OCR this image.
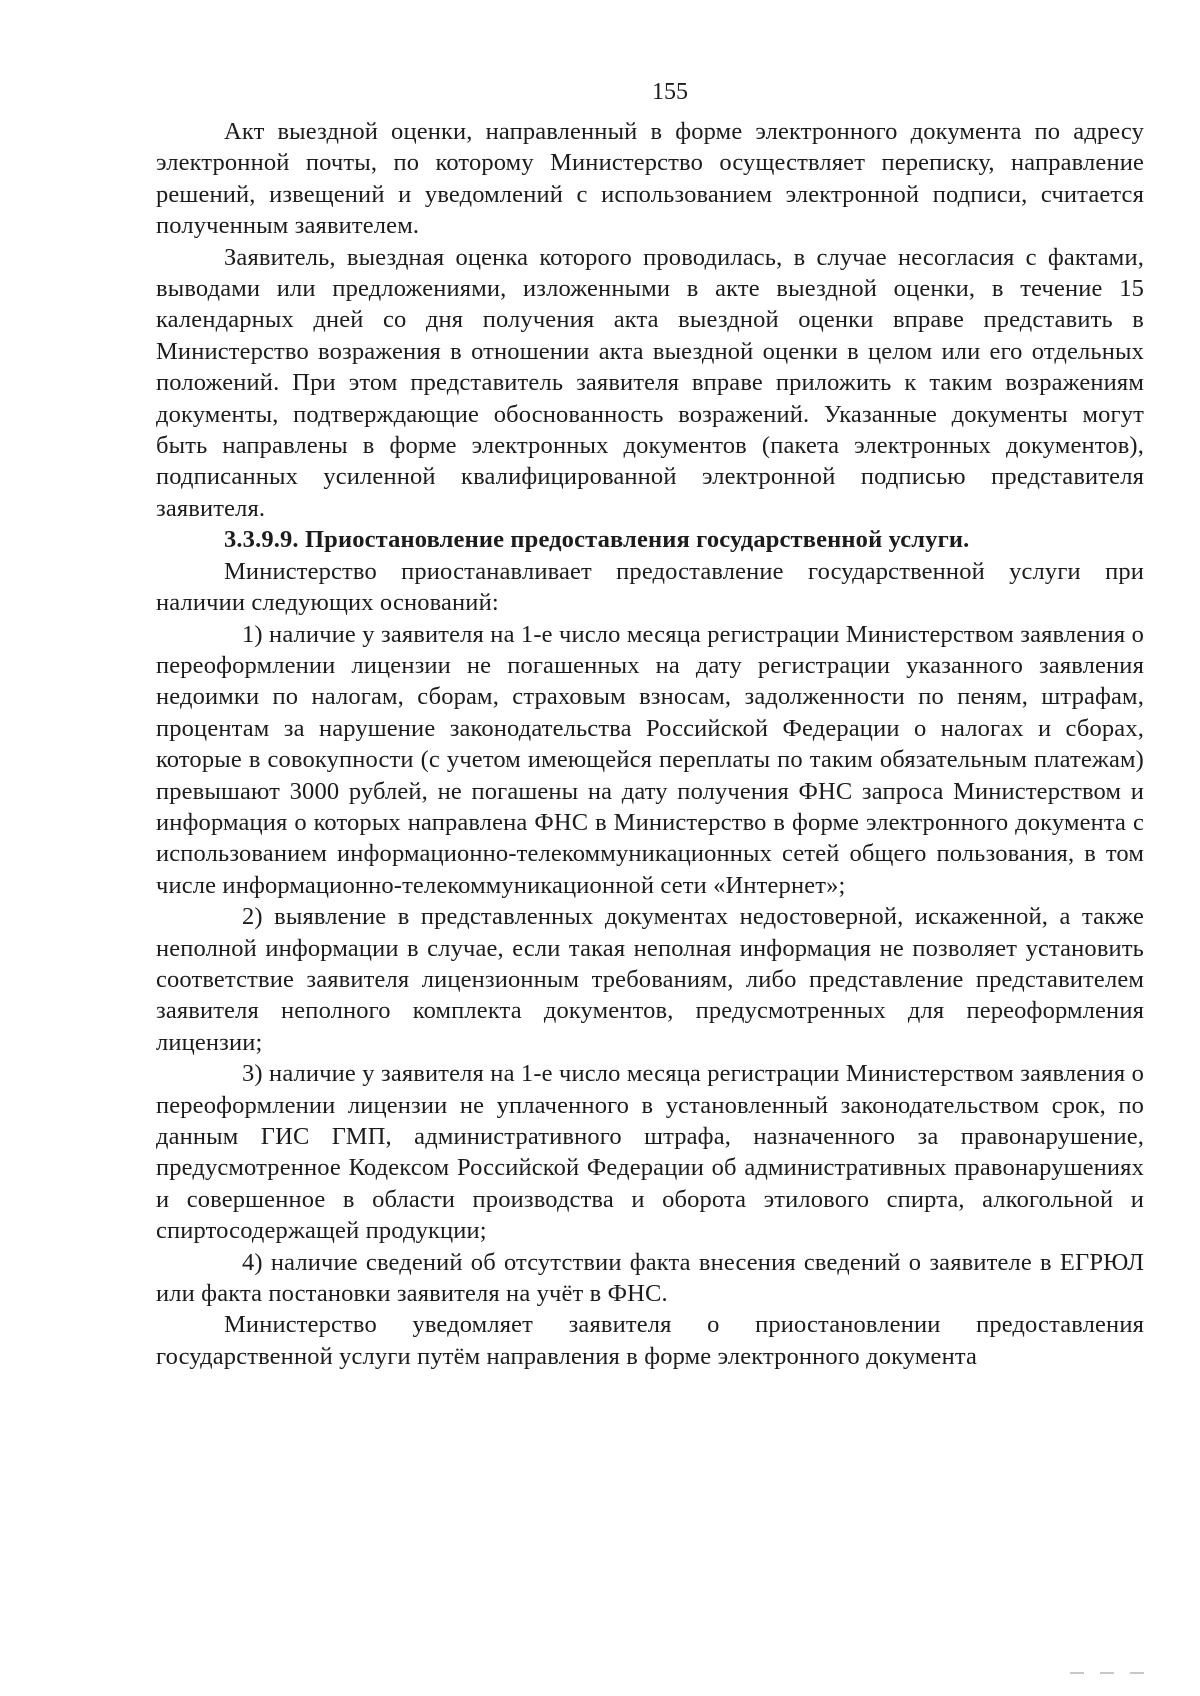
155

Акт выездной оценки, направленный в форме электронного документа по адресу электронной почты, по которому Министерство осуществляет переписку, направление решений, извещений и уведомлений с использованием электронной подписи, считается полученным заявителем.

Заявитель, выездная оценка которого проводилась, в случае несогласия с фактами, выводами или предложениями, изложенными в акте выездной оценки, в течение 15 календарных дней со дня получения акта выездной оценки вправе представить в Министерство возражения в отношении акта выездной оценки в целом или его отдельных положений. При этом представитель заявителя вправе приложить к таким возражениям документы, подтверждающие обоснованность возражений. Указанные документы могут быть направлены в форме электронных документов (пакета электронных документов), подписанных усиленной квалифицированной электронной подписью представителя заявителя.

3.3.9.9. Приостановление предоставления государственной услуги.

Министерство приостанавливает предоставление государственной услуги при наличии следующих оснований:

1) наличие у заявителя на 1-е число месяца регистрации Министерством заявления о переоформлении лицензии не погашенных на дату регистрации указанного заявления недоимки по налогам, сборам, страховым взносам, задолженности по пеням, штрафам, процентам за нарушение законодательства Российской Федерации о налогах и сборах, которые в совокупности (с учетом имеющейся переплаты по таким обязательным платежам) превышают 3000 рублей, не погашены на дату получения ФНС запроса Министерством и информация о которых направлена ФНС в Министерство в форме электронного документа с использованием информационно-телекоммуникационных сетей общего пользования, в том числе информационно-телекоммуникационной сети «Интернет»;

2) выявление в представленных документах недостоверной, искаженной, а также неполной информации в случае, если такая неполная информация не позволяет установить соответствие заявителя лицензионным требованиям, либо представление представителем заявителя неполного комплекта документов, предусмотренных для переоформления лицензии;

3) наличие у заявителя на 1-е число месяца регистрации Министерством заявления о переоформлении лицензии не уплаченного в установленный законодательством срок, по данным ГИС ГМП, административного штрафа, назначенного за правонарушение, предусмотренное Кодексом Российской Федерации об административных правонарушениях и совершенное в области производства и оборота этилового спирта, алкогольной и спиртосодержащей продукции;

4) наличие сведений об отсутствии факта внесения сведений о заявителе в ЕГРЮЛ или факта постановки заявителя на учёт в ФНС.

Министерство уведомляет заявителя о приостановлении предоставления государственной услуги путём направления в форме электронного документа
